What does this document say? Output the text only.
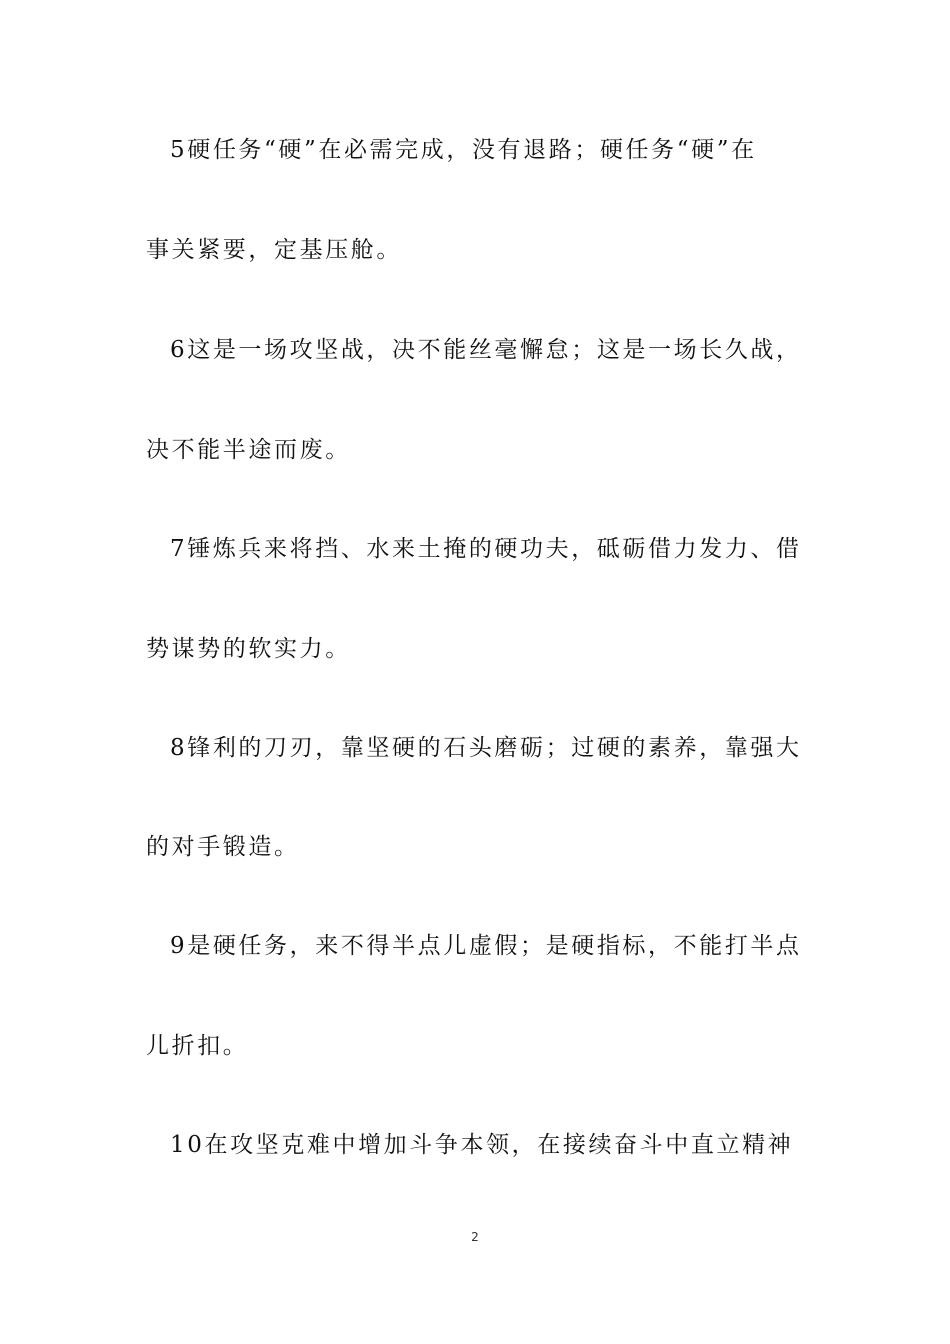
5硬任务“硬”在必需完成，没有退路；硬任务“硬”在
事关紧要，定基压舱。
6这是一场攻坚战，决不能丝毫懈怠；这是一场长久战，
决不能半途而废。
7锤炼兵来将挡、水来土掩的硬功夫，砥砺借力发力、借
势谋势的软实力。
8锋利的刀刃，靠坚硬的石头磨砺；过硬的素养，靠强大
的对手锻造。
9是硬任务，来不得半点儿虚假；是硬指标，不能打半点
儿折扣。
10在攻坚克难中增加斗争本领，在接续奋斗中直立精神
2
